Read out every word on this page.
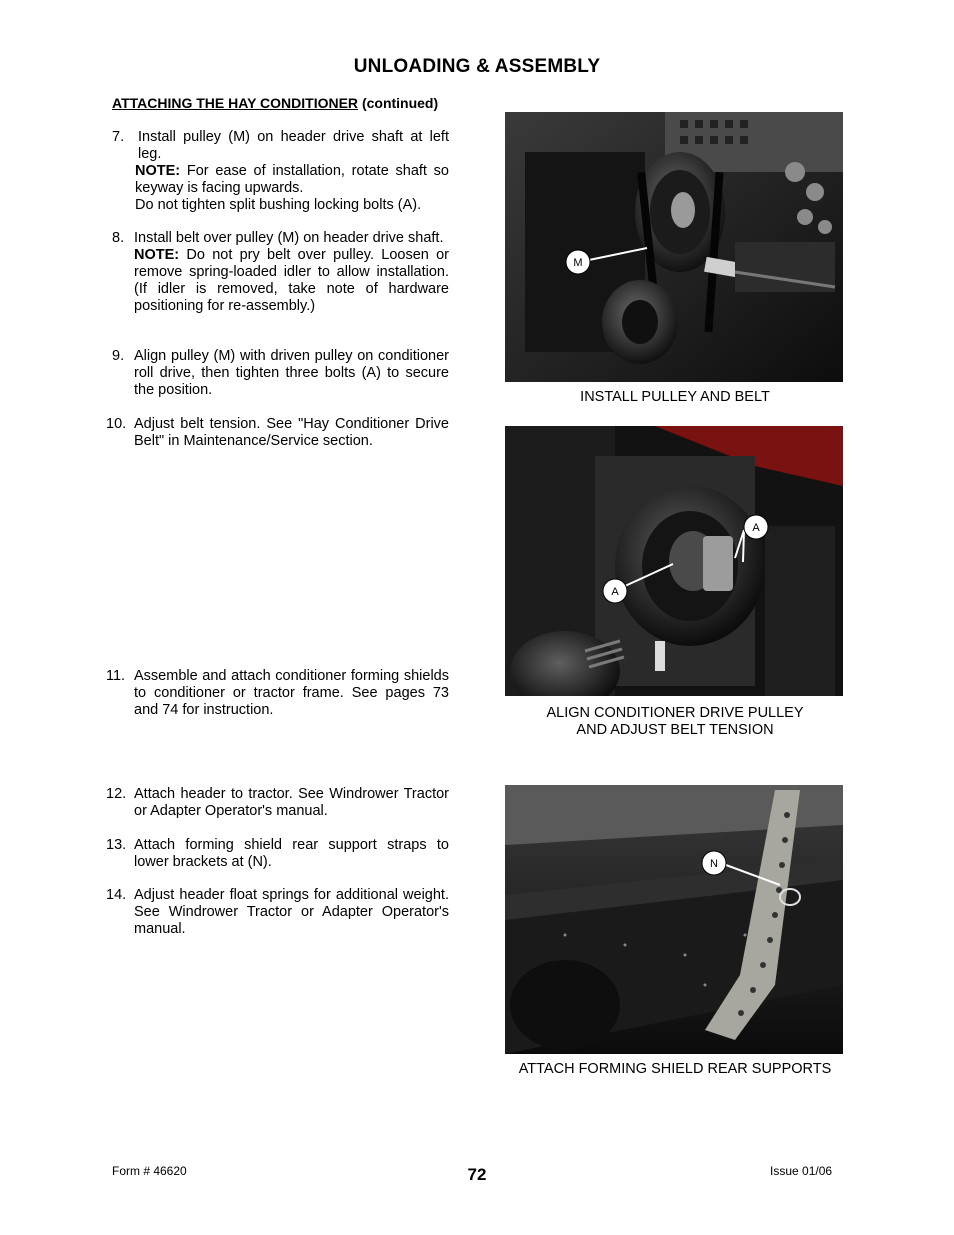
UNLOADING & ASSEMBLY
ATTACHING THE HAY CONDITIONER (continued)
7. Install pulley (M) on header drive shaft at left leg.
NOTE: For ease of installation, rotate shaft so keyway is facing upwards.
Do not tighten split bushing locking bolts (A).
8. Install belt over pulley (M) on header drive shaft.
NOTE: Do not pry belt over pulley. Loosen or remove spring-loaded idler to allow installation. (If idler is removed, take note of hardware positioning for re-assembly.)
9. Align pulley (M) with driven pulley on conditioner roll drive, then tighten three bolts (A) to secure the position.
10. Adjust belt tension. See "Hay Conditioner Drive Belt" in Maintenance/Service section.
11. Assemble and attach conditioner forming shields to conditioner or tractor frame. See pages 73 and 74 for instruction.
12. Attach header to tractor. See Windrower Tractor or Adapter Operator's manual.
13. Attach forming shield rear support straps to lower brackets at (N).
14. Adjust header float springs for additional weight. See Windrower Tractor or Adapter Operator's manual.
M
INSTALL PULLEY AND BELT
A
A
ALIGN CONDITIONER DRIVE PULLEY
AND ADJUST BELT TENSION
N
ATTACH FORMING SHIELD REAR SUPPORTS
Form # 46620	72	Issue 01/06
